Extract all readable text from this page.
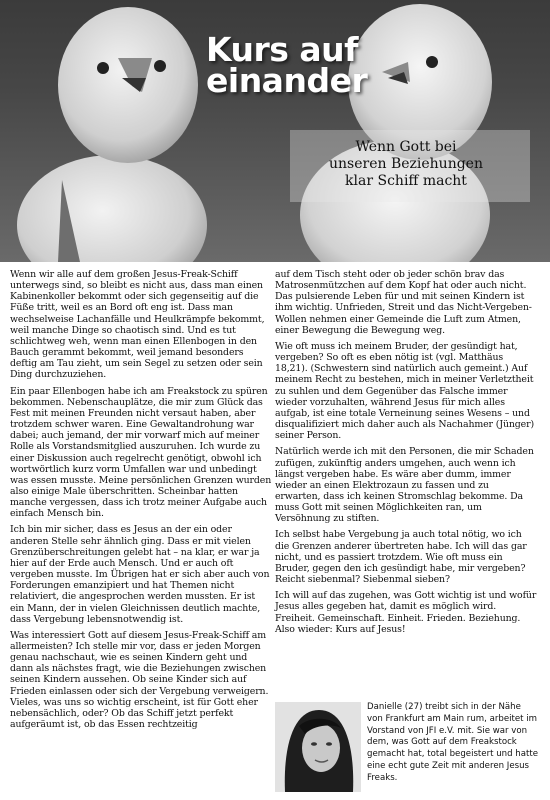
Kurs auf
einander

Wenn Gott bei
unseren Beziehungen
klar Schiff macht

Wenn wir alle auf dem großen Jesus-Freak-Schiff unterwegs sind, so bleibt es nicht aus, dass man einen Kabinenkoller bekommt oder sich gegenseitig auf die Füße tritt, weil es an Bord oft eng ist. Dass man wechselweise Lachanfälle und Heulkrämpfe bekommt, weil manche Dinge so chaotisch sind. Und es tut schlichtweg weh, wenn man einen Ellenbogen in den Bauch gerammt bekommt, weil jemand besonders deftig am Tau zieht, um sein Segel zu setzen oder sein Ding durchzuziehen.

Ein paar Ellenbogen habe ich am Freakstock zu spüren bekommen. Nebenschauplätze, die mir zum Glück das Fest mit meinen Freunden nicht versaut haben, aber trotzdem schwer waren. Eine Gewaltandrohung war dabei; auch jemand, der mir vorwarf mich auf meiner Rolle als Vorstandsmitglied auszuruhen. Ich wurde zu einer Diskussion auch regelrecht genötigt, obwohl ich wortwörtlich kurz vorm Umfallen war und unbedingt was essen musste. Meine persönlichen Grenzen wurden also einige Male überschritten. Scheinbar hatten manche vergessen, dass ich trotz meiner Aufgabe auch einfach Mensch bin.

Ich bin mir sicher, dass es Jesus an der ein oder anderen Stelle sehr ähnlich ging. Dass er mit vielen Grenzüberschreitungen gelebt hat – na klar, er war ja hier auf der Erde auch Mensch. Und er auch oft vergeben musste. Im Übrigen hat er sich aber auch von Forderungen emanzipiert und hat Themen nicht relativiert, die angesprochen werden mussten. Er ist ein Mann, der in vielen Gleichnissen deutlich machte, dass Vergebung lebensnotwendig ist.

Was interessiert Gott auf diesem Jesus-Freak-Schiff am allermeisten? Ich stelle mir vor, dass er jeden Morgen genau nachschaut, wie es seinen Kindern geht und dann als nächstes fragt, wie die Beziehungen zwischen seinen Kindern aussehen. Ob seine Kinder sich auf Frieden einlassen oder sich der Vergebung verweigern. Vieles, was uns so wichtig erscheint, ist für Gott eher nebensächlich, oder? Ob das Schiff jetzt perfekt aufgeräumt ist, ob das Essen rechtzeitig

auf dem Tisch steht oder ob jeder schön brav das Matrosenmützchen auf dem Kopf hat oder auch nicht. Das pulsierende Leben für und mit seinen Kindern ist ihm wichtig. Unfrieden, Streit und das Nicht-Vergeben-Wollen nehmen einer Gemeinde die Luft zum Atmen, einer Bewegung die Bewegung weg.

Wie oft muss ich meinem Bruder, der gesündigt hat, vergeben? So oft es eben nötig ist (vgl. Matthäus 18,21). (Schwestern sind natürlich auch gemeint.) Auf meinem Recht zu bestehen, mich in meiner Verletztheit zu suhlen und dem Gegenüber das Falsche immer wieder vorzuhalten, während Jesus für mich alles aufgab, ist eine totale Verneinung seines Wesens – und disqualifiziert mich daher auch als Nachahmer (Jünger) seiner Person.

Natürlich werde ich mit den Personen, die mir Schaden zufügen, zukünftig anders umgehen, auch wenn ich längst vergeben habe. Es wäre aber dumm, immer wieder an einen Elektrozaun zu fassen und zu erwarten, dass ich keinen Stromschlag bekomme. Da muss Gott mit seinen Möglichkeiten ran, um Versöhnung zu stiften.

Ich selbst habe Vergebung ja auch total nötig, wo ich die Grenzen anderer übertreten habe. Ich will das gar nicht, und es passiert trotzdem. Wie oft muss ein Bruder, gegen den ich gesündigt habe, mir vergeben? Reicht siebenmal? Siebenmal sieben?

Ich will auf das zugehen, was Gott wichtig ist und wofür Jesus alles gegeben hat, damit es möglich wird. Freiheit. Gemeinschaft. Einheit. Frieden. Beziehung. Also wieder: Kurs auf Jesus!

Danielle (27) treibt sich in der Nähe von Frankfurt am Main rum, arbeitet im Vorstand von JFI e.V. mit. Sie war von dem, was Gott auf dem Freakstock gemacht hat, total begeistert und hatte eine echt gute Zeit mit anderen Jesus Freaks.
